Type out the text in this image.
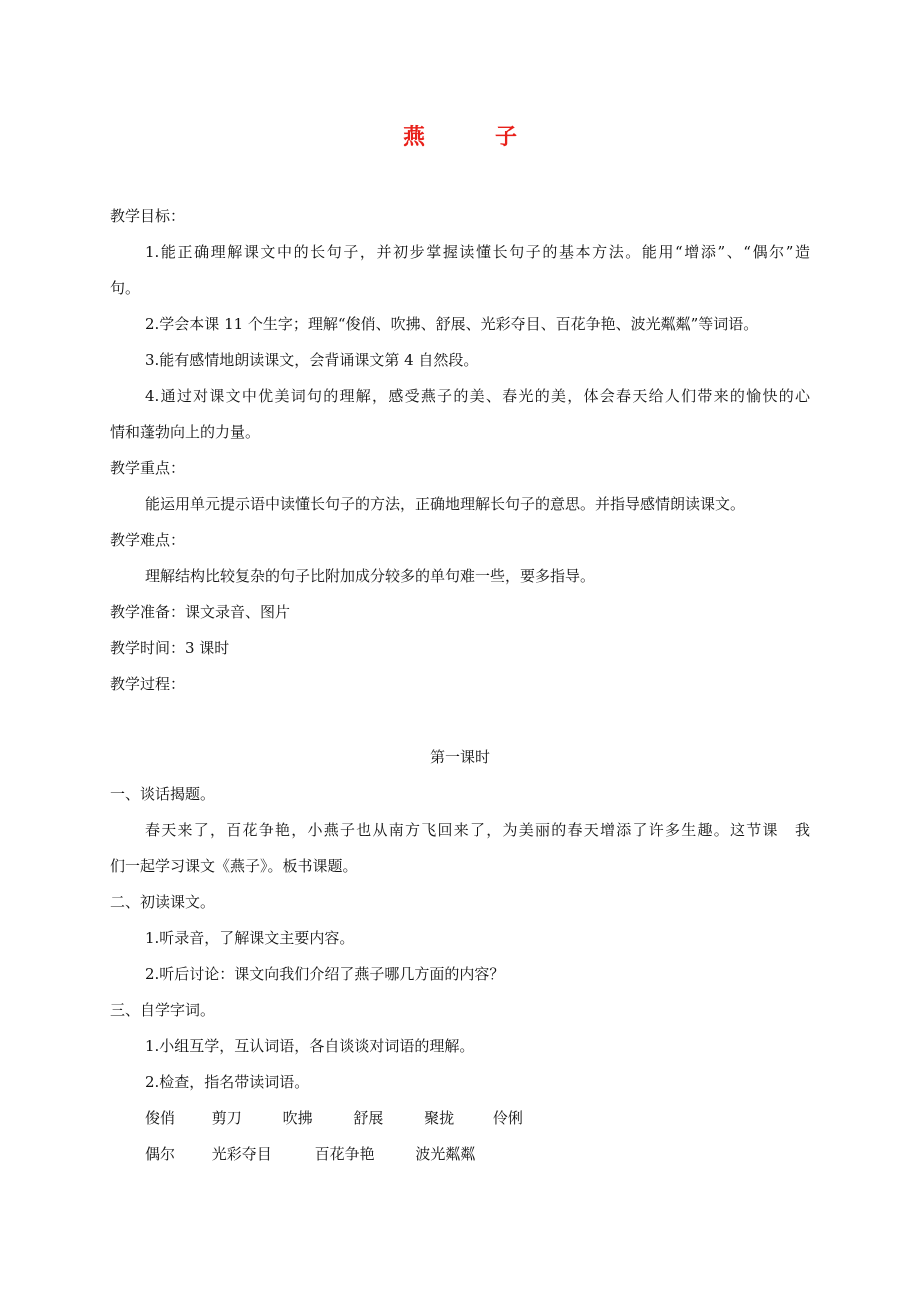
燕　子
教学目标：
1.能正确理解课文中的长句子，并初步掌握读懂长句子的基本方法。能用“增添”、“偶尔”造
句。
2.学会本课 11 个生字；理解“俊俏、吹拂、舒展、光彩夺目、百花争艳、波光粼粼”等词语。
3.能有感情地朗读课文，会背诵课文第 4 自然段。
4.通过对课文中优美词句的理解，感受燕子的美、春光的美，体会春天给人们带来的愉快的心
情和蓬勃向上的力量。
教学重点：
能运用单元提示语中读懂长句子的方法，正确地理解长句子的意思。并指导感情朗读课文。
教学难点：
理解结构比较复杂的句子比附加成分较多的单句难一些，要多指导。
教学准备：课文录音、图片
教学时间：3 课时
教学过程：
第一课时
一、谈话揭题。
春天来了，百花争艳，小燕子也从南方飞回来了，为美丽的春天增添了许多生趣。这节课　我
们一起学习课文《燕子》。板书课题。
二、初读课文。
1.听录音，了解课文主要内容。
2.听后讨论：课文向我们介绍了燕子哪几方面的内容？
三、自学字词。
1.小组互学，互认词语，各自谈谈对词语的理解。
2.检查，指名带读词语。
俊俏 剪刀	吹拂	舒展	聚拢	伶俐
偶尔 光彩夺目	百花争艳	波光粼粼
